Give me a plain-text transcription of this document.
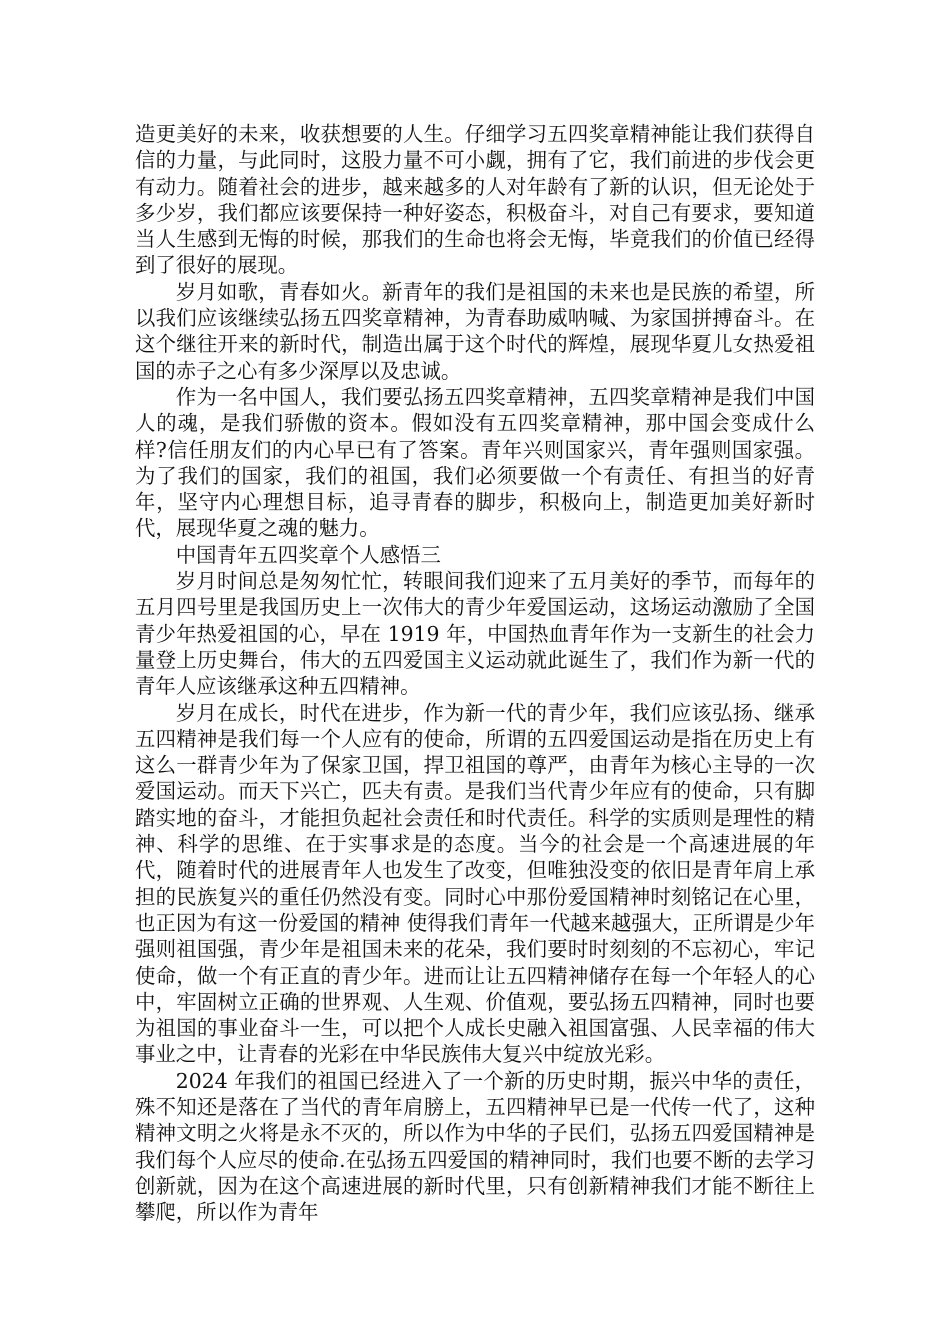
造更美好的未来，收获想要的人生。仔细学习五四奖章精神能让我们获得自信的力量，与此同时，这股力量不可小觑，拥有了它，我们前进的步伐会更有动力。随着社会的进步，越来越多的人对年龄有了新的认识，但无论处于多少岁，我们都应该要保持一种好姿态，积极奋斗，对自己有要求，要知道当人生感到无悔的时候，那我们的生命也将会无悔，毕竟我们的价值已经得到了很好的展现。

岁月如歌，青春如火。新青年的我们是祖国的未来也是民族的希望，所以我们应该继续弘扬五四奖章精神，为青春助威呐喊、为家国拼搏奋斗。在这个继往开来的新时代，制造出属于这个时代的辉煌，展现华夏儿女热爱祖国的赤子之心有多少深厚以及忠诚。

作为一名中国人，我们要弘扬五四奖章精神，五四奖章精神是我们中国人的魂，是我们骄傲的资本。假如没有五四奖章精神，那中国会变成什么样?信任朋友们的内心早已有了答案。青年兴则国家兴，青年强则国家强。为了我们的国家，我们的祖国，我们必须要做一个有责任、有担当的好青年，坚守内心理想目标，追寻青春的脚步，积极向上，制造更加美好新时代，展现华夏之魂的魅力。

中国青年五四奖章个人感悟三

岁月时间总是匆匆忙忙，转眼间我们迎来了五月美好的季节，而每年的五月四号里是我国历史上一次伟大的青少年爱国运动，这场运动激励了全国青少年热爱祖国的心，早在 1919 年，中国热血青年作为一支新生的社会力量登上历史舞台，伟大的五四爱国主义运动就此诞生了，我们作为新一代的青年人应该继承这种五四精神。

岁月在成长，时代在进步，作为新一代的青少年，我们应该弘扬、继承五四精神是我们每一个人应有的使命，所谓的五四爱国运动是指在历史上有这么一群青少年为了保家卫国，捍卫祖国的尊严，由青年为核心主导的一次爱国运动。而天下兴亡，匹夫有责。是我们当代青少年应有的使命，只有脚踏实地的奋斗，才能担负起社会责任和时代责任。科学的实质则是理性的精神、科学的思维、在于实事求是的态度。当今的社会是一个高速进展的年代，随着时代的进展青年人也发生了改变，但唯独没变的依旧是青年肩上承担的民族复兴的重任仍然没有变。同时心中那份爱国精神时刻铭记在心里，也正因为有这一份爱国的精神 使得我们青年一代越来越强大，正所谓是少年强则祖国强，青少年是祖国未来的花朵，我们要时时刻刻的不忘初心，牢记使命，做一个有正直的青少年。进而让让五四精神储存在每一个年轻人的心中，牢固树立正确的世界观、人生观、价值观，要弘扬五四精神，同时也要为祖国的事业奋斗一生，可以把个人成长史融入祖国富强、人民幸福的伟大事业之中，让青春的光彩在中华民族伟大复兴中绽放光彩。

2024 年我们的祖国已经进入了一个新的历史时期，振兴中华的责任，殊不知还是落在了当代的青年肩膀上，五四精神早已是一代传一代了，这种精神文明之火将是永不灭的，所以作为中华的子民们，弘扬五四爱国精神是我们每个人应尽的使命.在弘扬五四爱国的精神同时，我们也要不断的去学习创新就，因为在这个高速进展的新时代里，只有创新精神我们才能不断往上攀爬，所以作为青年
